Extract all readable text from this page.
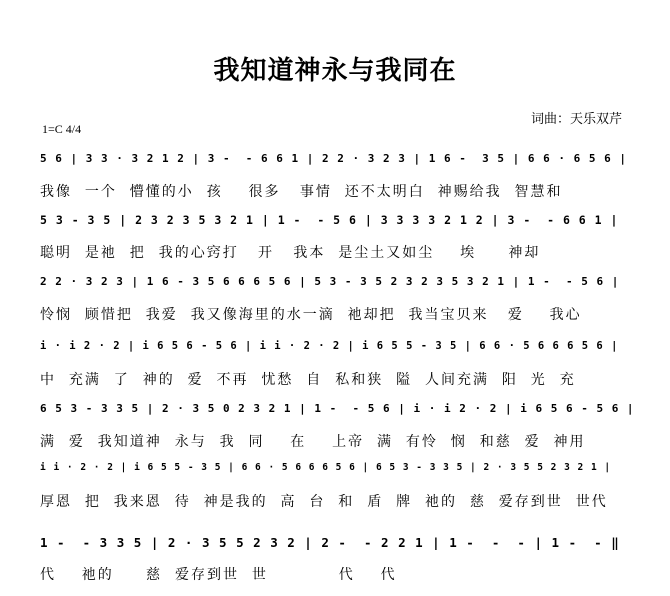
我知道神永与我同在
词曲：天乐双芹
1=C 4/4
5 6 | 3 3 · 3 2 1 2 | 3 -  - 6 6 1 | 2 2 · 3 2 3 | 1 6 -  3 5 | 6 6 · 6 5 6 |
我像  一个  懵懂的小  孩    很多   事情  还不太明白  神赐给我  智慧和
5 3 - 3 5 | 2 3 2 3 5 3 2 1 | 1 -  - 5 6 | 3 3 3 3 2 1 2 | 3 -  - 6 6 1 |
聪明  是祂  把  我的心窍打   开   我本  是尘土又如尘    埃     神却
2 2 · 3 2 3 | 1 6 - 3 5 6 6 6 5 6 | 5 3 - 3 5 2 3 2 3 5 3 2 1 | 1 -  - 5 6 |
怜悯  顾惜把  我爱  我又像海里的水一滴  祂却把  我当宝贝来   爱    我心
i · i 2 · 2 | i 6 5 6 - 5 6 | i i · 2 · 2 | i 6 5 5 - 3 5 | 6 6 · 5 6 6 6 5 6 |
中  充满  了  神的  爱  不再  忧愁  自  私和狭  隘  人间充满  阳  光  充
6 5 3 - 3 3 5 | 2 · 3 5 0 2 3 2 1 | 1 -  - 5 6 | i · i 2 · 2 | i 6 5 6 - 5 6 |
满  爱  我知道神  永与  我  同    在    上帝  满  有怜  悯  和慈  爱  神用
i i · 2 · 2 | i 6 5 5 - 3 5 | 6 6 · 5 6 6 6 5 6 | 6 5 3 - 3 3 5 | 2 · 3 5 5 2 3 2 1 |
厚恩  把  我来恩  待  神是我的  高  台  和  盾  牌  祂的  慈  爱存到世  世代
1 -  - 3 3 5 | 2 · 3 5 5 2 3 2 | 2 -  - 2 2 1 | 1 -  -  - | 1 -  - ‖
代    祂的     慈  爱存到世  世           代    代
